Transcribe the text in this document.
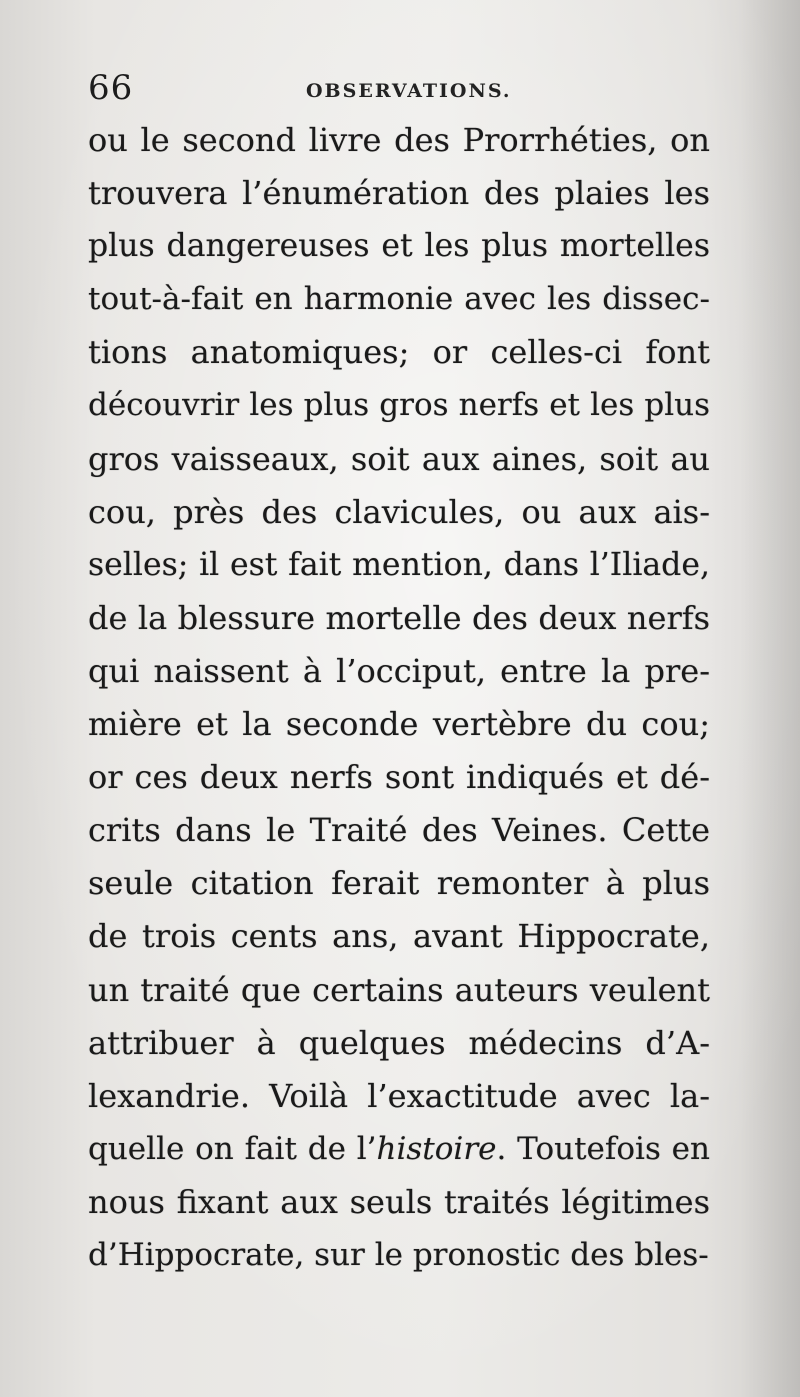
66	OBSERVATIONS.
ou le second livre des Prorrhéties, on
trouvera l’énumération des plaies les
plus dangereuses et les plus mortelles
tout-à-fait en harmonie avec les dissec-
tions anatomiques; or celles-ci font
découvrir les plus gros nerfs et les plus
gros vaisseaux, soit aux aines, soit au
cou, près des clavicules, ou aux ais-
selles; il est fait mention, dans l’Iliade,
de la blessure mortelle des deux nerfs
qui naissent à l’occiput, entre la pre-
mière et la seconde vertèbre du cou;
or ces deux nerfs sont indiqués et dé-
crits dans le Traité des Veines. Cette
seule citation ferait remonter à plus
de trois cents ans, avant Hippocrate,
un traité que certains auteurs veulent
attribuer à quelques médecins d’A-
lexandrie. Voilà l’exactitude avec la-
quelle on fait de l’histoire. Toutefois en
nous fixant aux seuls traités légitimes
d’Hippocrate, sur le pronostic des bles-
